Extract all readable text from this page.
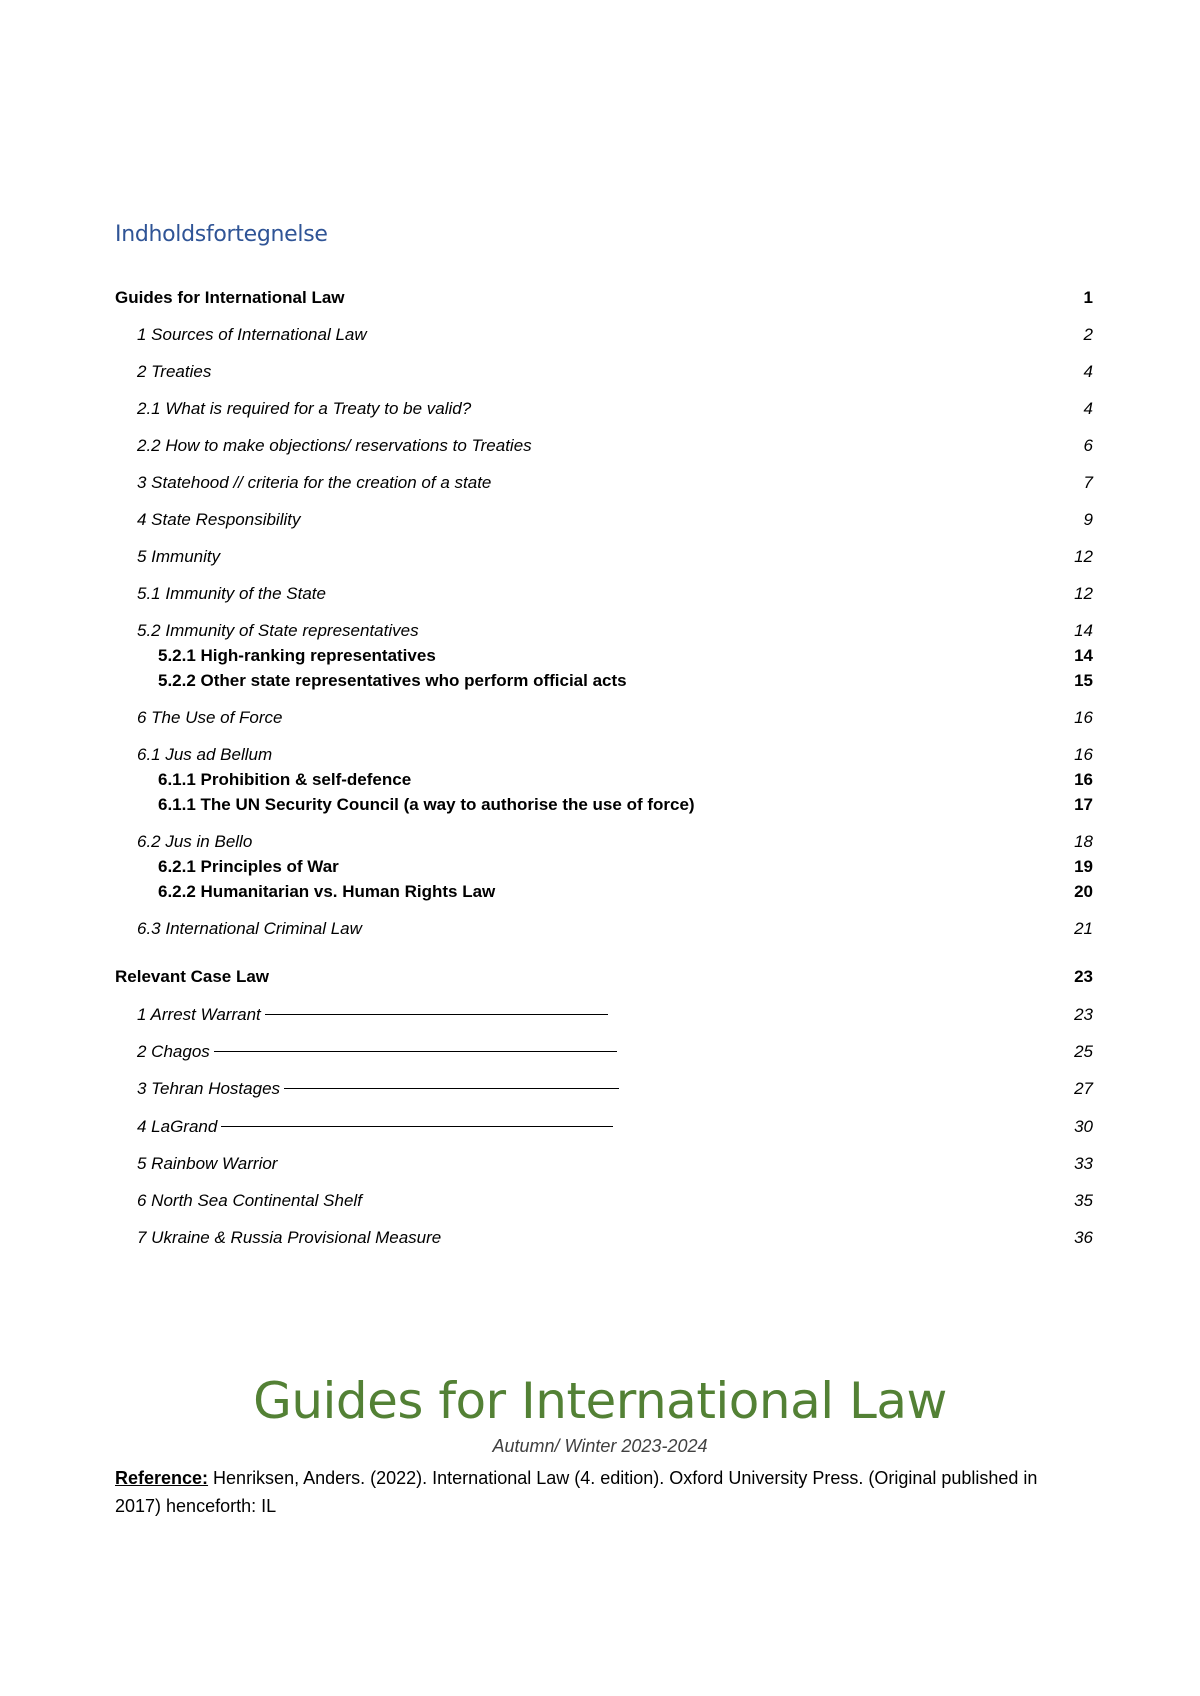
Indholdsfortegnelse
Guides for International Law	1
1 Sources of International Law	2
2 Treaties	4
2.1 What is required for a Treaty to be valid?	4
2.2 How to make objections/ reservations to Treaties	6
3 Statehood // criteria for the creation of a state	7
4 State Responsibility	9
5 Immunity	12
5.1 Immunity of the State	12
5.2 Immunity of State representatives	14
5.2.1 High-ranking representatives	14
5.2.2 Other state representatives who perform official acts	15
6 The Use of Force	16
6.1 Jus ad Bellum	16
6.1.1 Prohibition & self-defence	16
6.1.1 The UN Security Council (a way to authorise the use of force)	17
6.2 Jus in Bello	18
6.2.1 Principles of War	19
6.2.2 Humanitarian vs. Human Rights Law	20
6.3 International Criminal Law	21
Relevant Case Law	23
1 Arrest Warrant	23
2 Chagos	25
3 Tehran Hostages	27
4 LaGrand	30
5 Rainbow Warrior	33
6 North Sea Continental Shelf	35
7 Ukraine & Russia Provisional Measure	36
Guides for International Law
Autumn/ Winter 2023-2024
Reference: Henriksen, Anders. (2022). International Law (4. edition). Oxford University Press. (Original published in 2017) henceforth: IL
